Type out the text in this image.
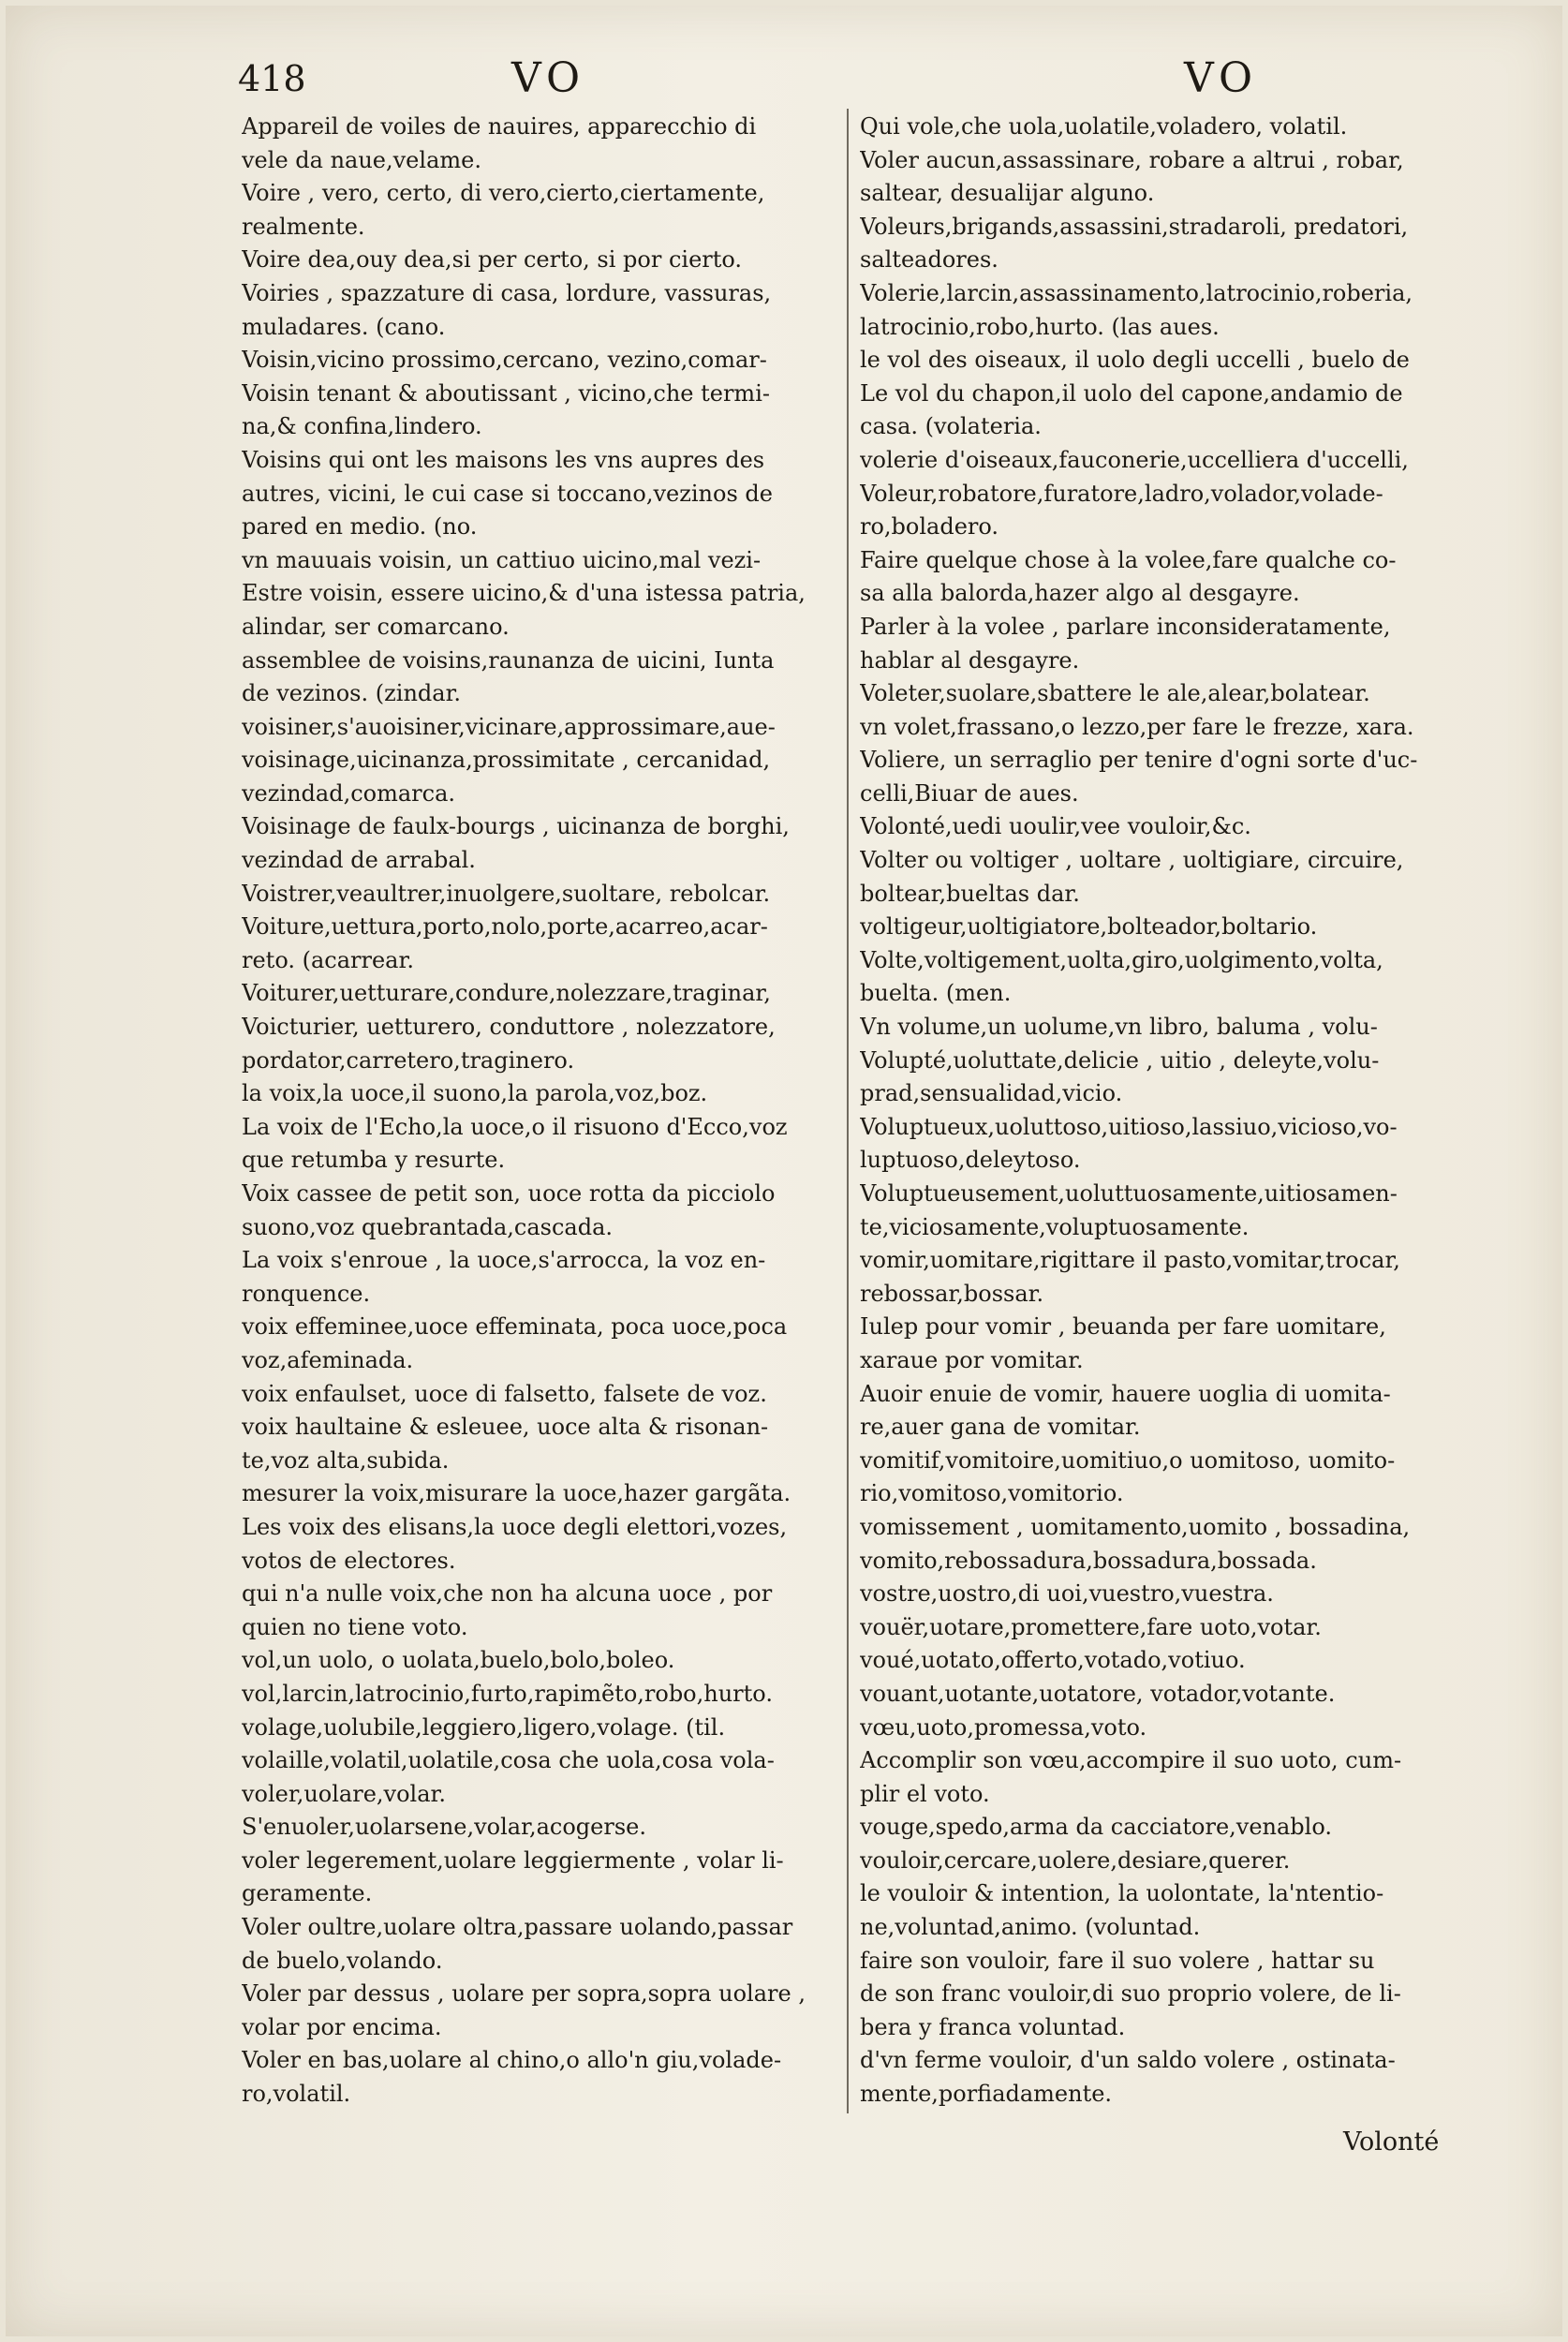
418	VO	VO
Appareil de voiles de nauires, apparecchio di
vele da naue,velame.
Voire , vero, certo, di vero,cierto,ciertamente,
realmente.
Voire dea,ouy dea,si per certo, si por cierto.
Voiries , spazzature di casa, lordure, vassuras,
muladares. (cano.
Voisin,vicino prossimo,cercano, vezino,comar-
Voisin tenant & aboutissant , vicino,che termi-
na,& confina,lindero.
Voisins qui ont les maisons les vns aupres des
autres, vicini, le cui case si toccano,vezinos de
pared en medio. (no.
vn mauuais voisin, un cattiuo uicino,mal vezi-
Estre voisin, essere uicino,& d'una istessa patria,
alindar, ser comarcano.
assemblee de voisins,raunanza de uicini, Iunta
de vezinos. (zindar.
voisiner,s'auoisiner,vicinare,approssimare,aue-
voisinage,uicinanza,prossimitate , cercanidad,
vezindad,comarca.
Voisinage de faulx-bourgs , uicinanza de borghi,
vezindad de arrabal.
Voistrer,veaultrer,inuolgere,suoltare, rebolcar.
Voiture,uettura,porto,nolo,porte,acarreo,acar-
reto. (acarrear.
Voiturer,uetturare,condure,nolezzare,traginar,
Voicturier, uetturero, conduttore , nolezzatore,
pordator,carretero,traginero.
la voix,la uoce,il suono,la parola,voz,boz.
La voix de l'Echo,la uoce,o il risuono d'Ecco,voz
que retumba y resurte.
Voix cassee de petit son, uoce rotta da picciolo
suono,voz quebrantada,cascada.
La voix s'enroue , la uoce,s'arrocca, la voz en-
ronquence.
voix effeminee,uoce effeminata, poca uoce,poca
voz,afeminada.
voix enfaulset, uoce di falsetto, falsete de voz.
voix haultaine & esleuee, uoce alta & risonan-
te,voz alta,subida.
mesurer la voix,misurare la uoce,hazer gargãta.
Les voix des elisans,la uoce degli elettori,vozes,
votos de electores.
qui n'a nulle voix,che non ha alcuna uoce , por
quien no tiene voto.
vol,un uolo, o uolata,buelo,bolo,boleo.
vol,larcin,latrocinio,furto,rapimẽto,robo,hurto.
volage,uolubile,leggiero,ligero,volage. (til.
volaille,volatil,uolatile,cosa che uola,cosa vola-
voler,uolare,volar.
S'enuoler,uolarsene,volar,acogerse.
voler legerement,uolare leggiermente , volar li-
geramente.
Voler oultre,uolare oltra,passare uolando,passar
de buelo,volando.
Voler par dessus , uolare per sopra,sopra uolare ,
volar por encima.
Voler en bas,uolare al chino,o allo'n giu,volade-
ro,volatil.
Qui vole,che uola,uolatile,voladero, volatil.
Voler aucun,assassinare, robare a altrui , robar,
saltear, desualijar alguno.
Voleurs,brigands,assassini,stradaroli, predatori,
salteadores.
Volerie,larcin,assassinamento,latrocinio,roberia,
latrocinio,robo,hurto. (las aues.
le vol des oiseaux, il uolo degli uccelli , buelo de
Le vol du chapon,il uolo del capone,andamio de
casa. (volateria.
volerie d'oiseaux,fauconerie,uccelliera d'uccelli,
Voleur,robatore,furatore,ladro,volador,volade-
ro,boladero.
Faire quelque chose à la volee,fare qualche co-
sa alla balorda,hazer algo al desgayre.
Parler à la volee , parlare inconsideratamente,
hablar al desgayre.
Voleter,suolare,sbattere le ale,alear,bolatear.
vn volet,frassano,o lezzo,per fare le frezze, xara.
Voliere, un serraglio per tenire d'ogni sorte d'uc-
celli,Biuar de aues.
Volonté,uedi uoulir,vee vouloir,&c.
Volter ou voltiger , uoltare , uoltigiare, circuire,
boltear,bueltas dar.
voltigeur,uoltigiatore,bolteador,boltario.
Volte,voltigement,uolta,giro,uolgimento,volta,
buelta. (men.
Vn volume,un uolume,vn libro, baluma , volu-
Volupté,uoluttate,delicie , uitio , deleyte,volu-
prad,sensualidad,vicio.
Voluptueux,uoluttoso,uitioso,lassiuo,vicioso,vo-
luptuoso,deleytoso.
Voluptueusement,uoluttuosamente,uitiosamen-
te,viciosamente,voluptuosamente.
vomir,uomitare,rigittare il pasto,vomitar,trocar,
rebossar,bossar.
Iulep pour vomir , beuanda per fare uomitare,
xaraue por vomitar.
Auoir enuie de vomir, hauere uoglia di uomita-
re,auer gana de vomitar.
vomitif,vomitoire,uomitiuo,o uomitoso, uomito-
rio,vomitoso,vomitorio.
vomissement , uomitamento,uomito , bossadina,
vomito,rebossadura,bossadura,bossada.
vostre,uostro,di uoi,vuestro,vuestra.
vouër,uotare,promettere,fare uoto,votar.
voué,uotato,offerto,votado,votiuo.
vouant,uotante,uotatore, votador,votante.
vœu,uoto,promessa,voto.
Accomplir son vœu,accompire il suo uoto, cum-
plir el voto.
vouge,spedo,arma da cacciatore,venablo.
vouloir,cercare,uolere,desiare,querer.
le vouloir & intention, la uolontate, la'ntentio-
ne,voluntad,animo. (voluntad.
faire son vouloir, fare il suo volere , hattar su
de son franc vouloir,di suo proprio volere, de li-
bera y franca voluntad.
d'vn ferme vouloir, d'un saldo volere , ostinata-
mente,porfiadamente.
Volonté
